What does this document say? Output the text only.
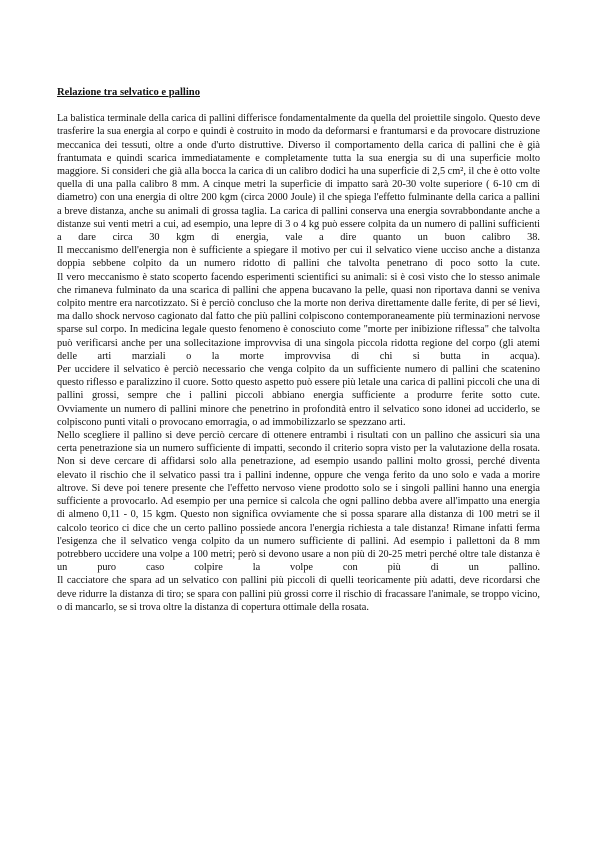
Relazione tra selvatico e pallino

La balistica terminale della carica di pallini differisce fondamentalmente da quella del proiettile singolo. Questo deve trasferire la sua energia al corpo e quindi è costruito in modo da deformarsi e frantumarsi e da provocare distruzione meccanica dei tessuti, oltre a onde d'urto distruttive. Diverso il comportamento della carica di pallini che è già frantumata e quindi scarica immediatamente e completamente tutta la sua energia su di una superficie molto maggiore. Si consideri che già alla bocca la carica di un calibro dodici ha una superficie di 2,5 cm², il che è otto volte quella di una palla calibro 8 mm. A cinque metri la superficie di impatto sarà 20-30 volte superiore ( 6-10 cm di diametro) con una energia di oltre 200 kgm (circa 2000 Joule) il che spiega l'effetto fulminante della carica a pallini a breve distanza, anche su animali di grossa taglia. La carica di pallini conserva una energia sovrabbondante anche a distanze sui venti metri a cui, ad esempio, una lepre di 3 o 4 kg può essere colpita da un numero di pallini sufficienti a dare circa 30 kgm di energia, vale a dire quanto un buon calibro 38.

Il meccanismo dell'energia non è sufficiente a spiegare il motivo per cui il selvatico viene ucciso anche a distanza doppia sebbene colpito da un numero ridotto di pallini che talvolta penetrano di poco sotto la cute.

Il vero meccanismo è stato scoperto facendo esperimenti scientifici su animali: si è così visto che lo stesso animale che rimaneva fulminato da una scarica di pallini che appena bucavano la pelle, quasi non riportava danni se veniva colpito mentre era narcotizzato. Si è perciò concluso che la morte non deriva direttamente dalle ferite, di per sé lievi, ma dallo shock nervoso cagionato dal fatto che più pallini colpiscono contemporaneamente più terminazioni nervose sparse sul corpo. In medicina legale questo fenomeno è conosciuto come "morte per inibizione riflessa" che talvolta può verificarsi anche per una sollecitazione improvvisa di una singola piccola ridotta regione del corpo (gli atemi delle arti marziali o la morte improvvisa di chi si butta in acqua).

Per uccidere il selvatico è perciò necessario che venga colpito da un sufficiente numero di pallini che scatenino questo riflesso e paralizzino il cuore. Sotto questo aspetto può essere più letale una carica di pallini piccoli che una di pallini grossi, sempre che i pallini piccoli abbiano energia sufficiente a produrre ferite sotto cute.

Ovviamente un numero di pallini minore che penetrino in profondità entro il selvatico sono idonei ad ucciderlo, se colpiscono punti vitali o provocano emorragia, o ad immobilizzarlo se spezzano arti.

Nello scegliere il pallino si deve perciò cercare di ottenere entrambi i risultati con un pallino che assicuri sia una certa penetrazione sia un numero sufficiente di impatti, secondo il criterio sopra visto per la valutazione della rosata. Non si deve cercare di affidarsi solo alla penetrazione, ad esempio usando pallini molto grossi, perché diventa elevato il rischio che il selvatico passi tra i pallini indenne, oppure che venga ferito da uno solo e vada a morire altrove. Si deve poi tenere presente che l'effetto nervoso viene prodotto solo se i singoli pallini hanno una energia sufficiente a provocarlo. Ad esempio per una pernice si calcola che ogni pallino debba avere all'impatto una energia di almeno 0,11 - 0, 15 kgm. Questo non significa ovviamente che si possa sparare alla distanza di 100 metri se il calcolo teorico ci dice che un certo pallino possiede ancora l'energia richiesta a tale distanza! Rimane infatti ferma l'esigenza che il selvatico venga colpito da un numero sufficiente di pallini. Ad esempio i pallettoni da 8 mm potrebbero uccidere una volpe a 100 metri; però si devono usare a non più di 20-25 metri perché oltre tale distanza è un puro caso colpire la volpe con più di un pallino.

Il cacciatore che spara ad un selvatico con pallini più piccoli di quelli teoricamente più adatti, deve ricordarsi che deve ridurre la distanza di tiro; se spara con pallini più grossi corre il rischio di fracassare l'animale, se troppo vicino, o di mancarlo, se si trova oltre la distanza di copertura ottimale della rosata.
